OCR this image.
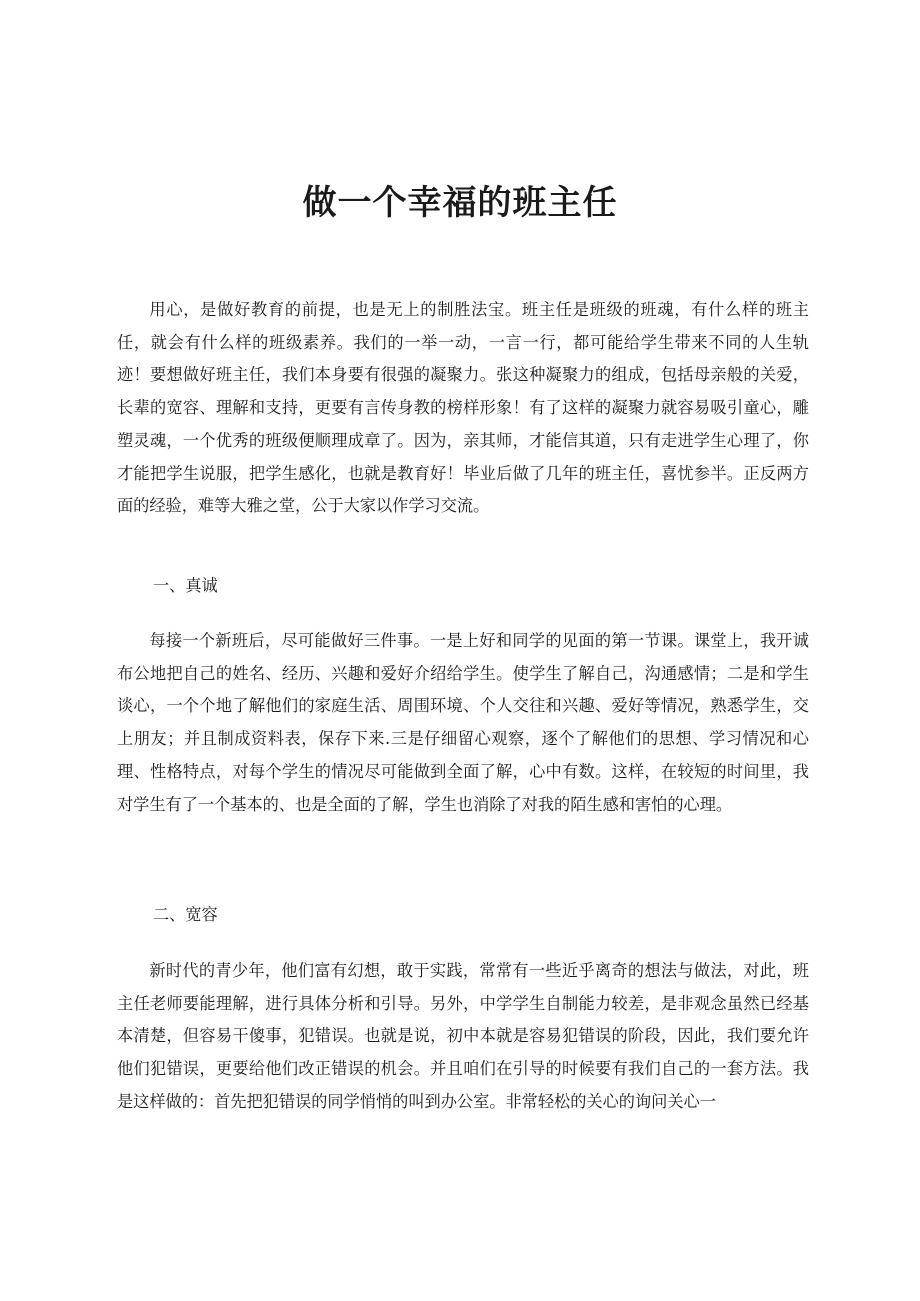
做一个幸福的班主任

用心，是做好教育的前提，也是无上的制胜法宝。班主任是班级的班魂，有什么样的班主任，就会有什么样的班级素养。我们的一举一动，一言一行，都可能给学生带来不同的人生轨迹！要想做好班主任，我们本身要有很强的凝聚力。张这种凝聚力的组成，包括母亲般的关爱，长辈的宽容、理解和支持，更要有言传身教的榜样形象！有了这样的凝聚力就容易吸引童心，雕塑灵魂，一个优秀的班级便顺理成章了。因为，亲其师，才能信其道，只有走进学生心理了，你才能把学生说服，把学生感化，也就是教育好！毕业后做了几年的班主任，喜忧参半。正反两方面的经验，难等大雅之堂，公于大家以作学习交流。

一、真诚

每接一个新班后，尽可能做好三件事。一是上好和同学的见面的第一节课。课堂上，我开诚布公地把自己的姓名、经历、兴趣和爱好介绍给学生。使学生了解自己，沟通感情；二是和学生谈心，一个个地了解他们的家庭生活、周围环境、个人交往和兴趣、爱好等情况，熟悉学生，交上朋友；并且制成资料表，保存下来.三是仔细留心观察，逐个了解他们的思想、学习情况和心理、性格特点，对每个学生的情况尽可能做到全面了解，心中有数。这样，在较短的时间里，我对学生有了一个基本的、也是全面的了解，学生也消除了对我的陌生感和害怕的心理。

二、宽容

新时代的青少年，他们富有幻想，敢于实践，常常有一些近乎离奇的想法与做法，对此，班主任老师要能理解，进行具体分析和引导。另外，中学学生自制能力较差，是非观念虽然已经基本清楚，但容易干傻事，犯错误。也就是说，初中本就是容易犯错误的阶段，因此，我们要允许他们犯错误，更要给他们改正错误的机会。并且咱们在引导的时候要有我们自己的一套方法。我是这样做的：首先把犯错误的同学悄悄的叫到办公室。非常轻松的关心的询问关心一
